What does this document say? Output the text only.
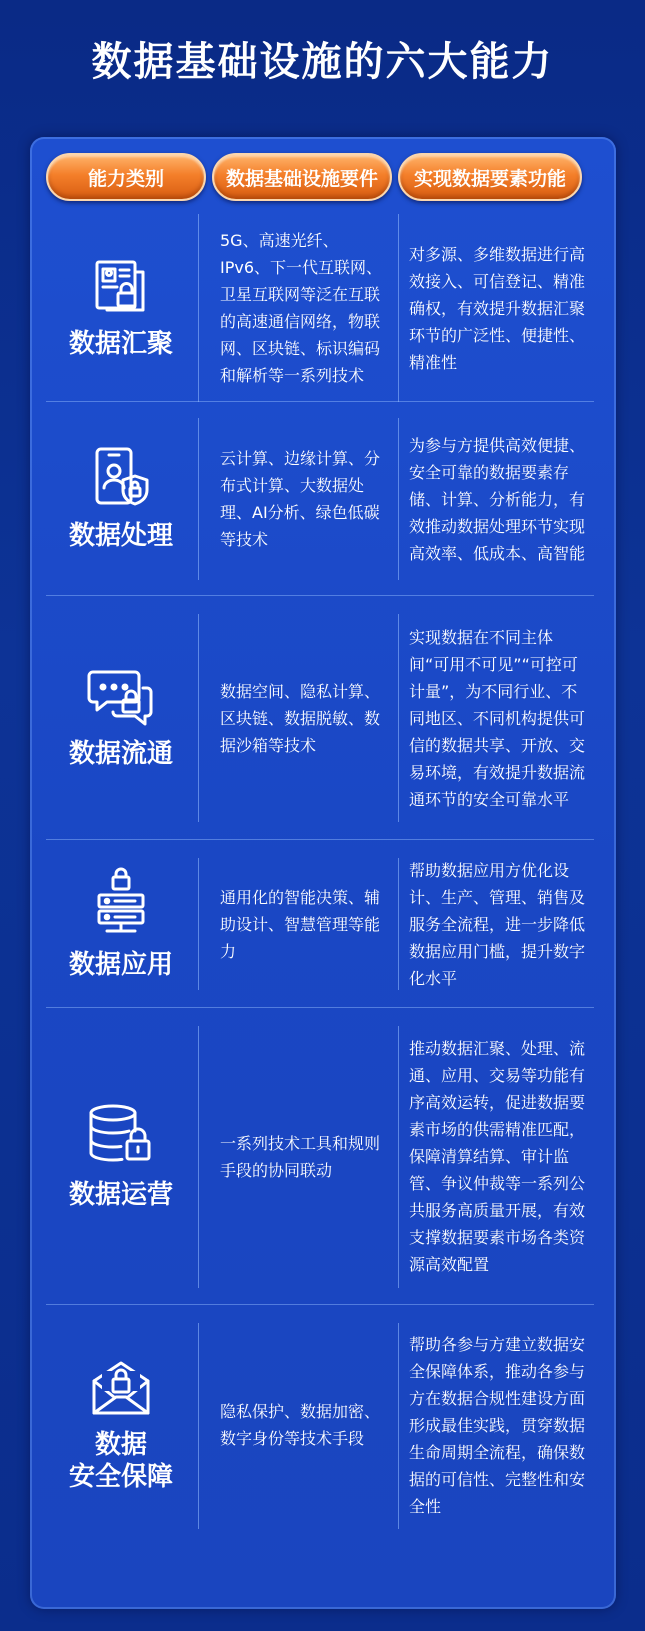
数据基础设施的六大能力
能力类别	数据基础设施要件	实现数据要素功能
数据汇聚
5G、高速光纤、IPv6、下一代互联网、卫星互联网等泛在互联的高速通信网络，物联网、区块链、标识编码和解析等一系列技术
对多源、多维数据进行高效接入、可信登记、精准确权，有效提升数据汇聚环节的广泛性、便捷性、精准性
数据处理
云计算、边缘计算、分布式计算、大数据处理、AI分析、绿色低碳等技术
为参与方提供高效便捷、安全可靠的数据要素存储、计算、分析能力，有效推动数据处理环节实现高效率、低成本、高智能
数据流通
数据空间、隐私计算、区块链、数据脱敏、数据沙箱等技术
实现数据在不同主体间“可用不可见”“可控可计量”，为不同行业、不同地区、不同机构提供可信的数据共享、开放、交易环境，有效提升数据流通环节的安全可靠水平
数据应用
通用化的智能决策、辅助设计、智慧管理等能力
帮助数据应用方优化设计、生产、管理、销售及服务全流程，进一步降低数据应用门槛，提升数字化水平
数据运营
一系列技术工具和规则手段的协同联动
推动数据汇聚、处理、流通、应用、交易等功能有序高效运转，促进数据要素市场的供需精准匹配，保障清算结算、审计监管、争议仲裁等一系列公共服务高质量开展，有效支撑数据要素市场各类资源高效配置
数据
安全保障
隐私保护、数据加密、数字身份等技术手段
帮助各参与方建立数据安全保障体系，推动各参与方在数据合规性建设方面形成最佳实践，贯穿数据生命周期全流程，确保数据的可信性、完整性和安全性
